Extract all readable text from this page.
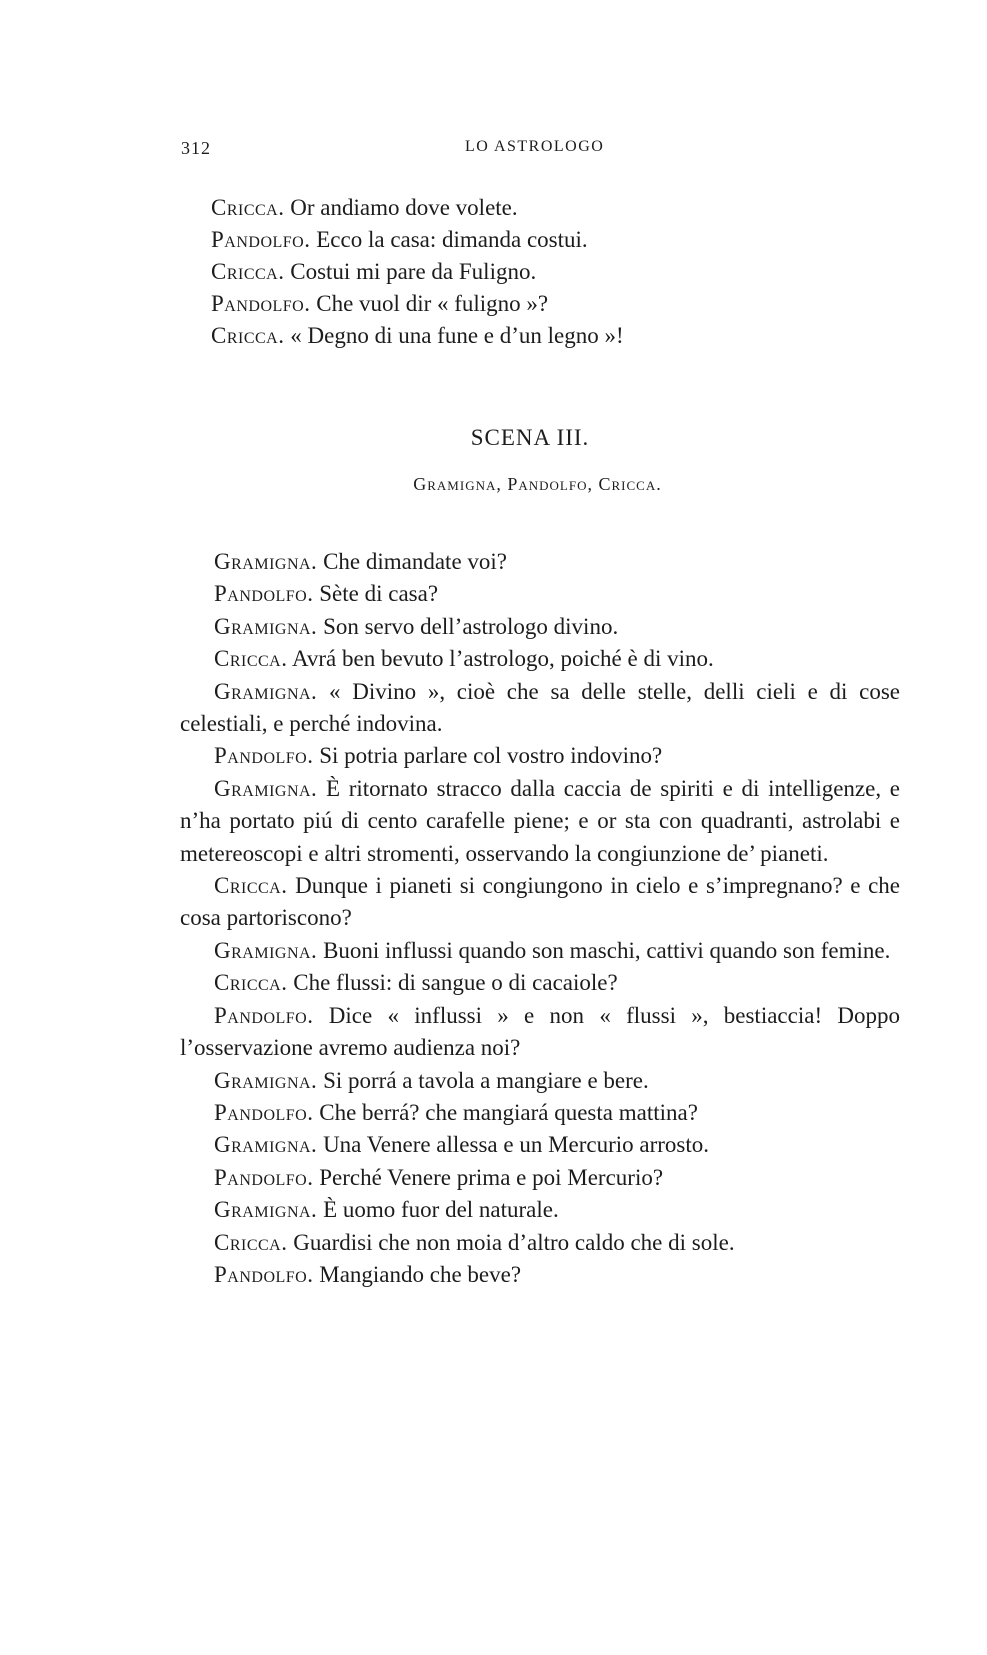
312	LO ASTROLOGO
Cricca. Or andiamo dove volete.
Pandolfo. Ecco la casa: dimanda costui.
Cricca. Costui mi pare da Fuligno.
Pandolfo. Che vuol dir « fuligno »?
Cricca. « Degno di una fune e d’un legno »!
SCENA III.
Gramigna, Pandolfo, Cricca.

Gramigna. Che dimandate voi?

Pandolfo. Sète di casa?

Gramigna. Son servo dell’astrologo divino.

Cricca. Avrá ben bevuto l’astrologo, poiché è di vino.

Gramigna. « Divino », cioè che sa delle stelle, delli cieli e di cose celestiali, e perché indovina.

Pandolfo. Si potria parlare col vostro indovino?

Gramigna. È ritornato stracco dalla caccia de spiriti e di intelligenze, e n’ha portato piú di cento carafelle piene; e or sta con quadranti, astrolabi e metereoscopi e altri stromenti, osservando la congiunzione de’ pianeti.

Cricca. Dunque i pianeti si congiungono in cielo e s’impregnano? e che cosa partoriscono?

Gramigna. Buoni influssi quando son maschi, cattivi quando son femine.

Cricca. Che flussi: di sangue o di cacaiole?

Pandolfo. Dice « influssi » e non « flussi », bestiaccia! Doppo l’osservazione avremo audienza noi?

Gramigna. Si porrá a tavola a mangiare e bere.

Pandolfo. Che berrá? che mangiará questa mattina?

Gramigna. Una Venere allessa e un Mercurio arrosto.

Pandolfo. Perché Venere prima e poi Mercurio?

Gramigna. È uomo fuor del naturale.

Cricca. Guardisi che non moia d’altro caldo che di sole.

Pandolfo. Mangiando che beve?
